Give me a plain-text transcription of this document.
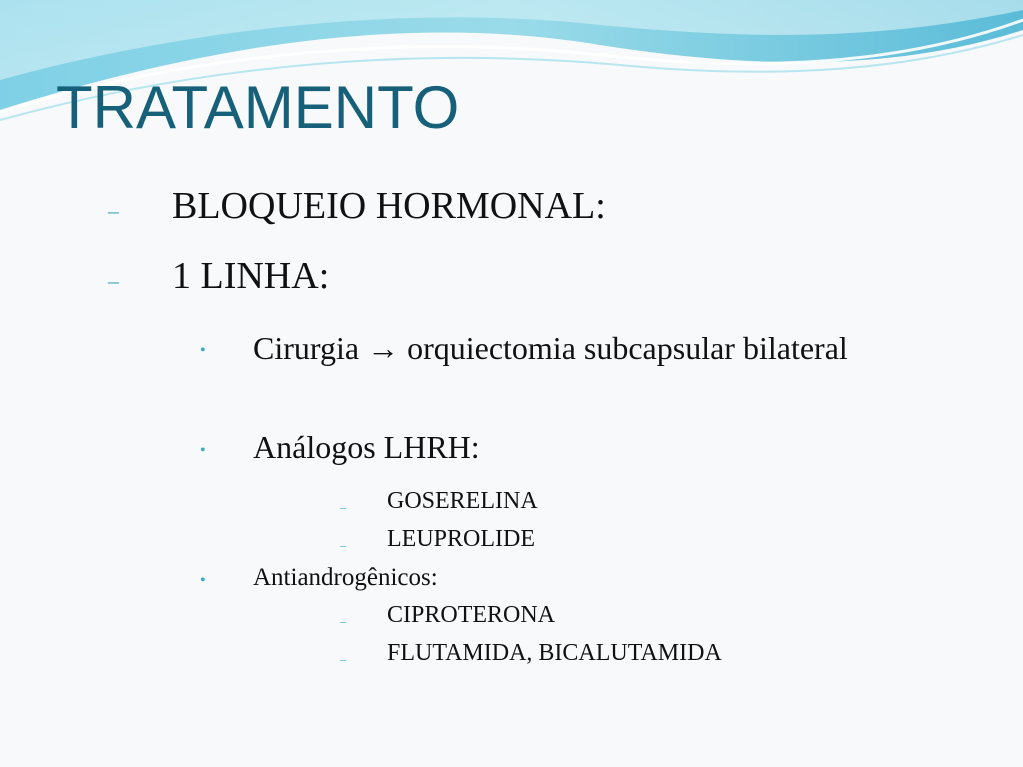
TRATAMENTO
– BLOQUEIO HORMONAL:
– 1 LINHA:
• Cirurgia → orquiectomia subcapsular bilateral
• Análogos LHRH:
– GOSERELINA
– LEUPROLIDE
• Antiandrogênicos:
– CIPROTERONA
– FLUTAMIDA, BICALUTAMIDA
